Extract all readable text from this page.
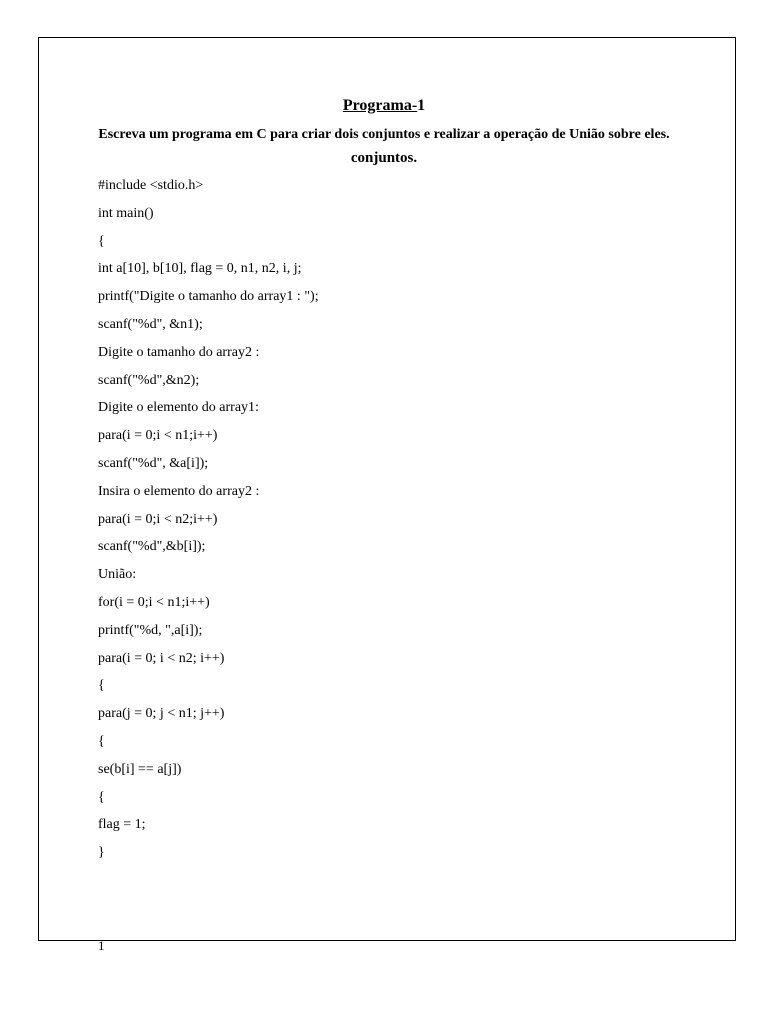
Programa-1
Escreva um programa em C para criar dois conjuntos e realizar a operação de União sobre eles.
conjuntos.
#include <stdio.h>
int main()
{
int a[10], b[10], flag = 0, n1, n2, i, j;
printf("Digite o tamanho do array1 : ");
scanf("%d", &n1);
Digite o tamanho do array2 :
scanf("%d",&n2);
Digite o elemento do array1:
para(i = 0;i < n1;i++)
scanf("%d", &a[i]);
Insira o elemento do array2 :
para(i = 0;i < n2;i++)
scanf("%d",&b[i]);
União:
for(i = 0;i < n1;i++)
printf("%d, ",a[i]);
para(i = 0; i < n2; i++)
{
para(j = 0; j < n1; j++)
{
se(b[i] == a[j])
{
flag = 1;
}
1
